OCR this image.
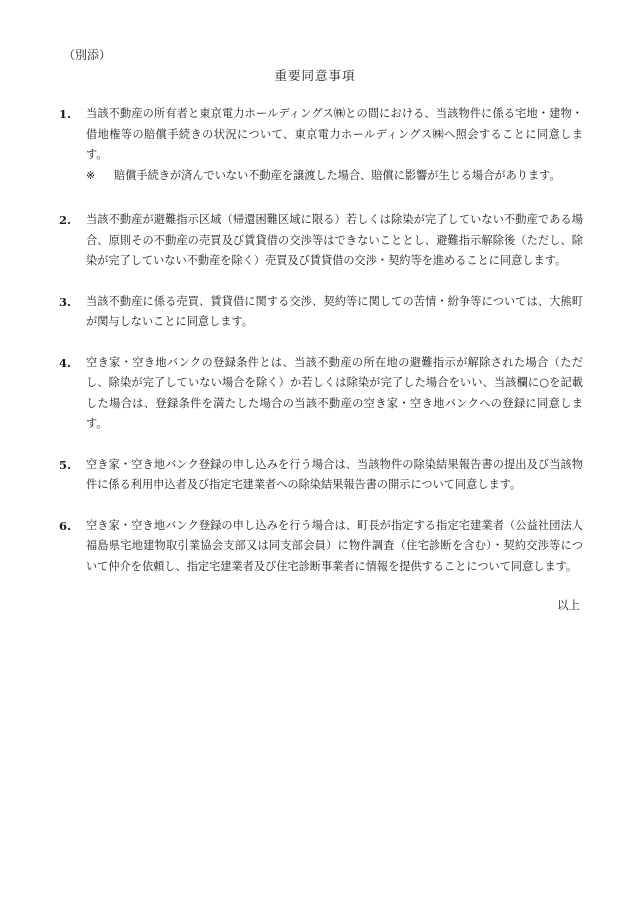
（別添）
重要同意事項
1. 当該不動産の所有者と東京電力ホールディングス㈱との間における、当該物件に係る宅地・建物・借地権等の賠償手続きの状況について、東京電力ホールディングス㈱へ照会することに同意します。
※ 賠償手続きが済んでいない不動産を譲渡した場合、賠償に影響が生じる場合があります。
2. 当該不動産が避難指示区域（帰還困難区域に限る）若しくは除染が完了していない不動産である場合、原則その不動産の売買及び賃貸借の交渉等はできないこととし、避難指示解除後（ただし、除染が完了していない不動産を除く）売買及び賃貸借の交渉・契約等を進めることに同意します。
3. 当該不動産に係る売買、賃貸借に関する交渉、契約等に関しての苦情・紛争等については、大熊町が関与しないことに同意します。
4. 空き家・空き地バンクの登録条件とは、当該不動産の所在地の避難指示が解除された場合（ただし、除染が完了していない場合を除く）か若しくは除染が完了した場合をいい、当該欄に○を記載した場合は、登録条件を満たした場合の当該不動産の空き家・空き地バンクへの登録に同意します。
5. 空き家・空き地バンク登録の申し込みを行う場合は、当該物件の除染結果報告書の提出及び当該物件に係る利用申込者及び指定宅建業者への除染結果報告書の開示について同意します。
6. 空き家・空き地バンク登録の申し込みを行う場合は、町長が指定する指定宅建業者（公益社団法人福島県宅地建物取引業協会支部又は同支部会員）に物件調査（住宅診断を含む）・契約交渉等について仲介を依頼し、指定宅建業者及び住宅診断事業者に情報を提供することについて同意します。
以上
